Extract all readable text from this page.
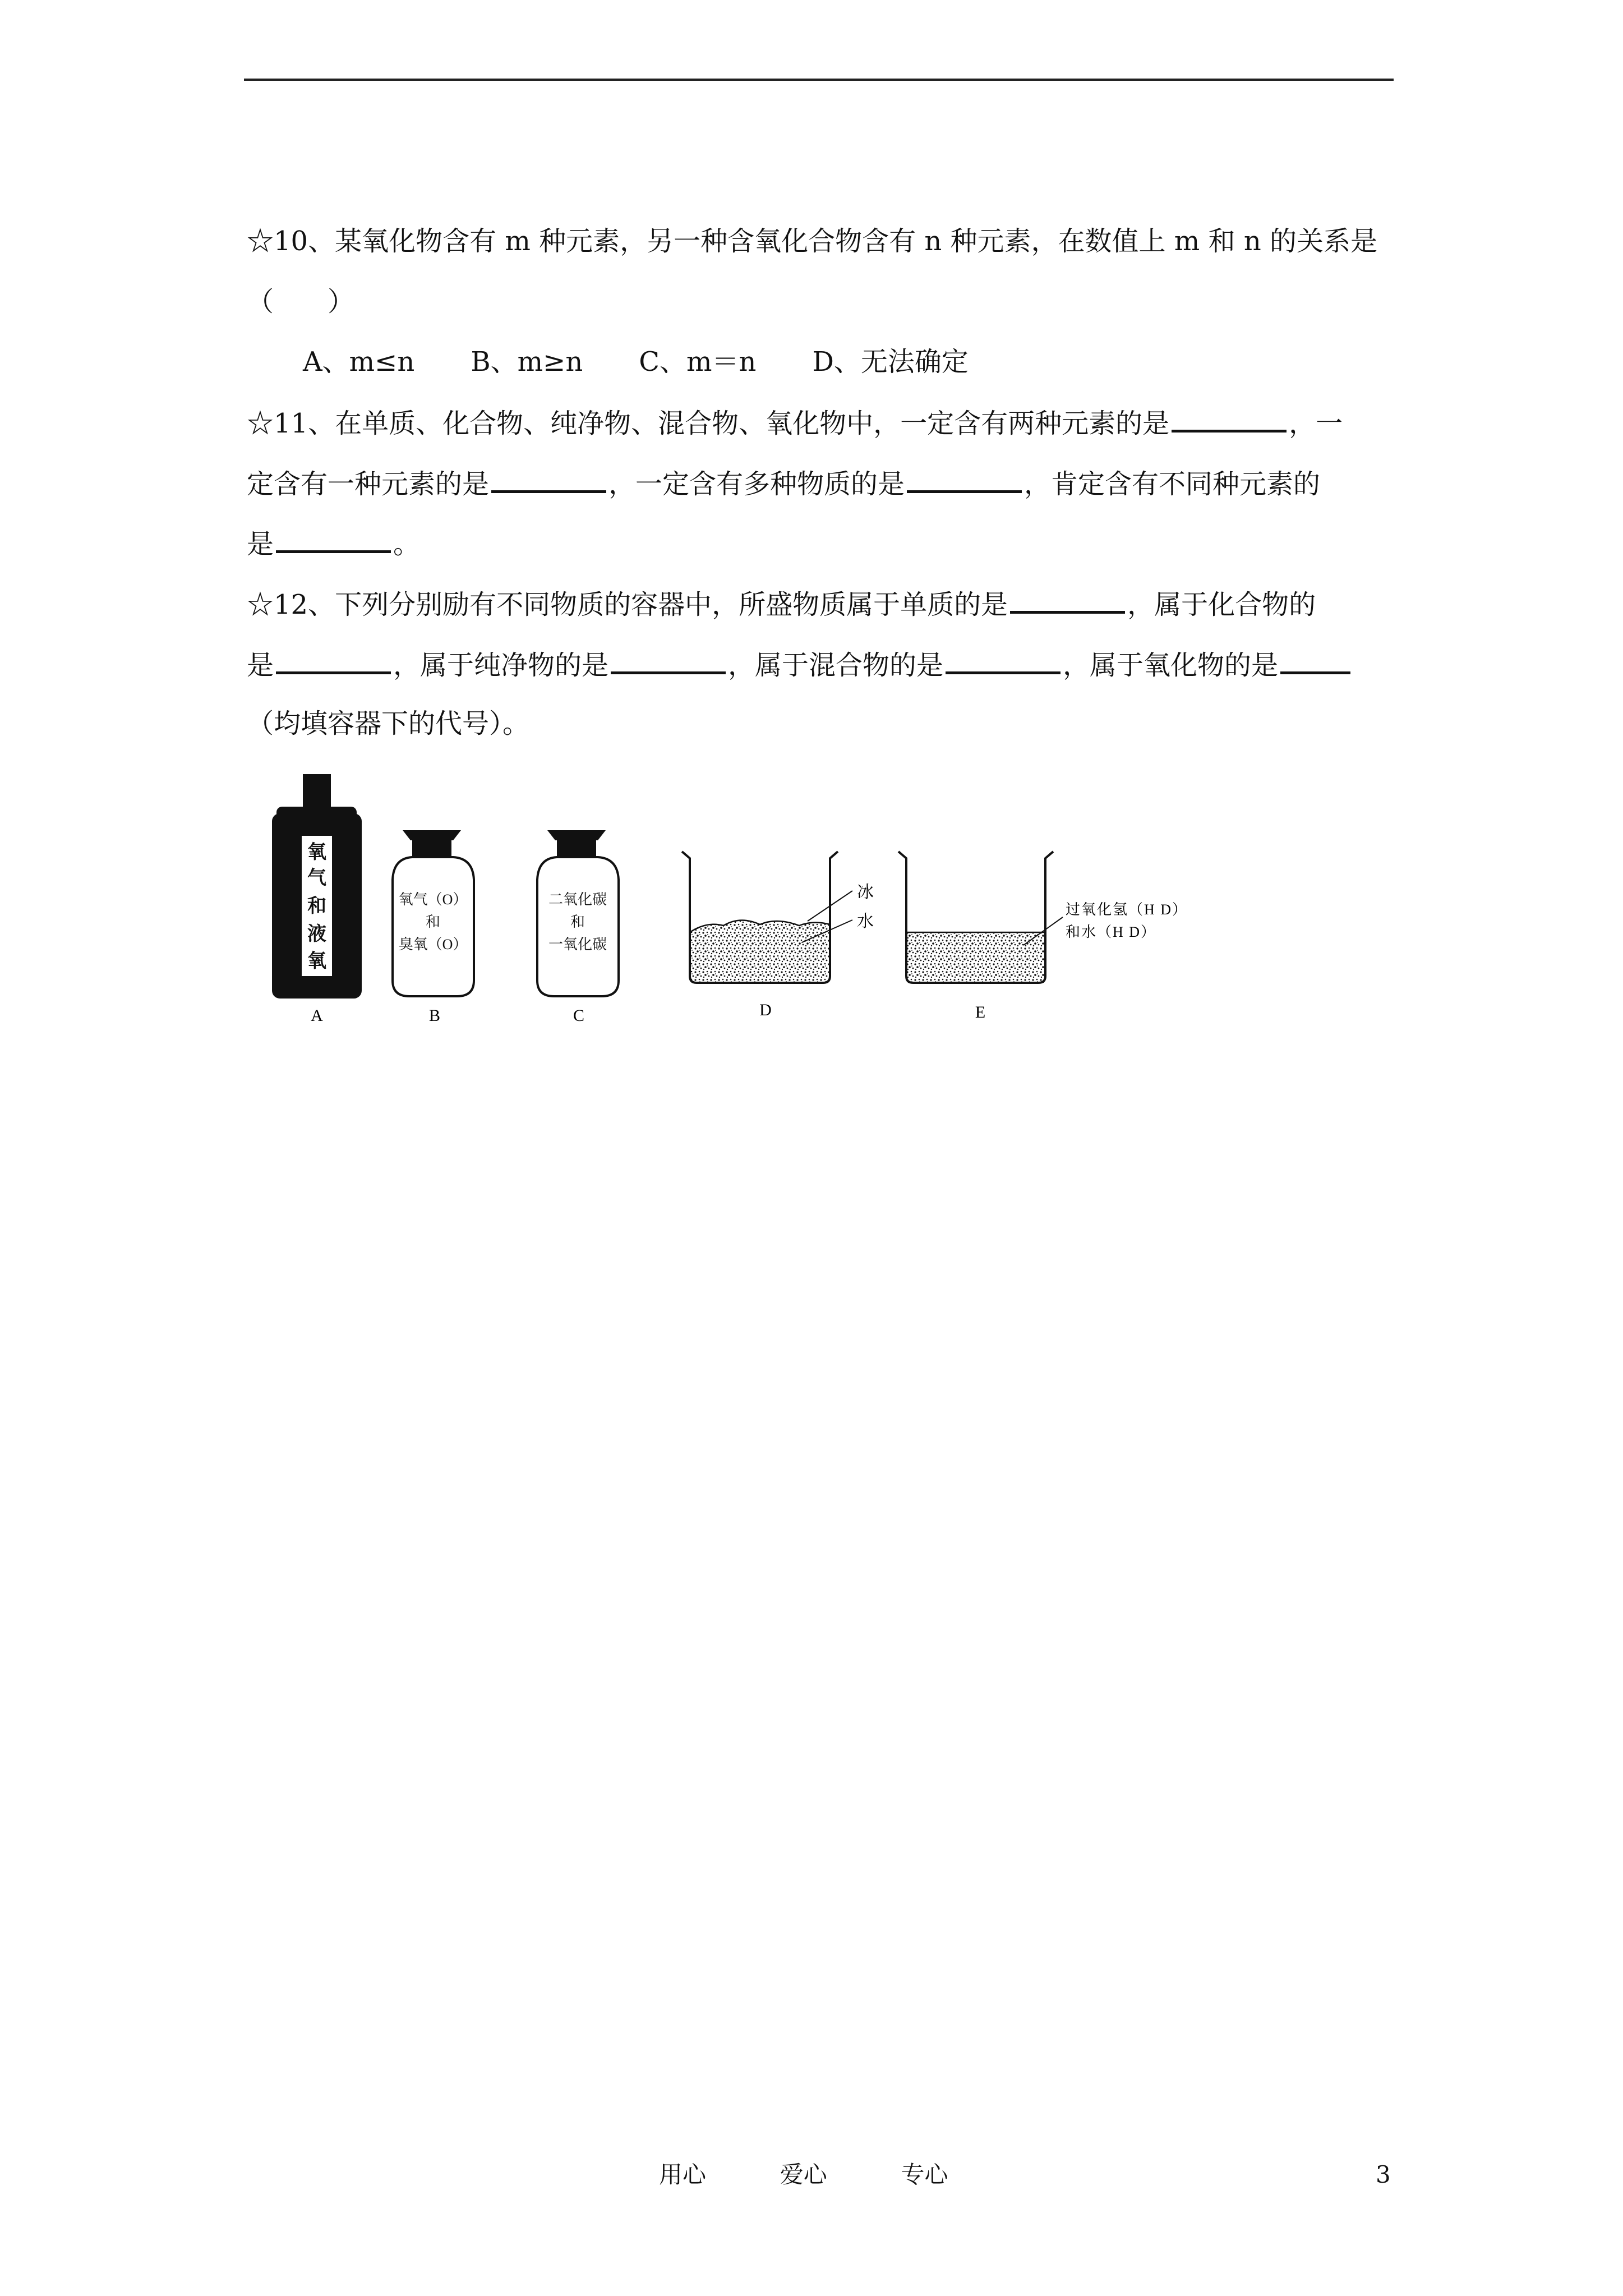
☆10、某氧化物含有 m 种元素，另一种含氧化合物含有 n 种元素，在数值上 m 和 n 的关系是
（　　）
A、m≤n B、m≥n C、m＝n D、无法确定
☆11、在单质、化合物、纯净物、混合物、氧化物中，一定含有两种元素的是	，一
定含有一种元素的是	，一定含有多种物质的是	，肯定含有不同种元素的
是	。
☆12、下列分别励有不同物质的容器中，所盛物质属于单质的是	，属于化合物的
是	，属于纯净物的是	，属于混合物的是	，属于氧化物的是
（均填容器下的代号）。
氧
气
和
液
氧
A
氧气（O）
和
臭氧（O）
B
二氧化碳
和
一氧化碳
C
冰
水
D
过氧化氢（H D）
和水（H D）
E
用心	爱心	专心	3
